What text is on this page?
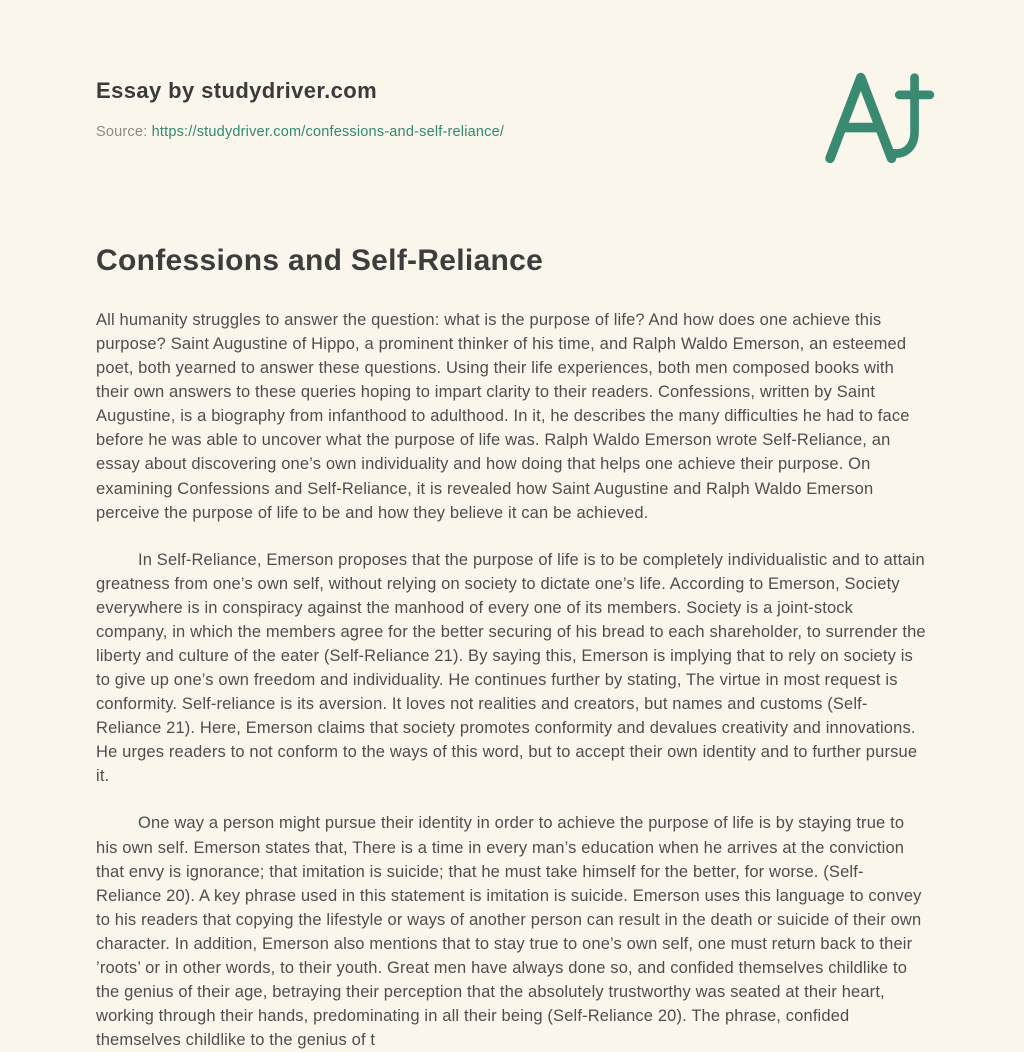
Essay by studydriver.com
Source: https://studydriver.com/confessions-and-self-reliance/
Confessions and Self-Reliance

All humanity struggles to answer the question: what is the purpose of life? And how does one achieve this purpose? Saint Augustine of Hippo, a prominent thinker of his time, and Ralph Waldo Emerson, an esteemed poet, both yearned to answer these questions. Using their life experiences, both men composed books with their own answers to these queries hoping to impart clarity to their readers. Confessions, written by Saint Augustine, is a biography from infanthood to adulthood. In it, he describes the many difficulties he had to face before he was able to uncover what the purpose of life was. Ralph Waldo Emerson wrote Self-Reliance, an essay about discovering one’s own individuality and how doing that helps one achieve their purpose. On examining Confessions and Self-Reliance, it is revealed how Saint Augustine and Ralph Waldo Emerson perceive the purpose of life to be and how they believe it can be achieved.

In Self-Reliance, Emerson proposes that the purpose of life is to be completely individualistic and to attain greatness from one’s own self, without relying on society to dictate one’s life. According to Emerson, Society everywhere is in conspiracy against the manhood of every one of its members. Society is a joint-stock company, in which the members agree for the better securing of his bread to each shareholder, to surrender the liberty and culture of the eater (Self-Reliance 21). By saying this, Emerson is implying that to rely on society is to give up one’s own freedom and individuality. He continues further by stating, The virtue in most request is conformity. Self-reliance is its aversion. It loves not realities and creators, but names and customs (Self-Reliance 21). Here, Emerson claims that society promotes conformity and devalues creativity and innovations. He urges readers to not conform to the ways of this word, but to accept their own identity and to further pursue it.

One way a person might pursue their identity in order to achieve the purpose of life is by staying true to his own self. Emerson states that, There is a time in every man’s education when he arrives at the conviction that envy is ignorance; that imitation is suicide; that he must take himself for the better, for worse. (Self-Reliance 20). A key phrase used in this statement is imitation is suicide. Emerson uses this language to convey to his readers that copying the lifestyle or ways of another person can result in the death or suicide of their own character. In addition, Emerson also mentions that to stay true to one’s own self, one must return back to their ’roots’ or in other words, to their youth. Great men have always done so, and confided themselves childlike to the genius of their age, betraying their perception that the absolutely trustworthy was seated at their heart, working through their hands, predominating in all their being (Self-Reliance 20). The phrase, confided themselves childlike to the genius of t
